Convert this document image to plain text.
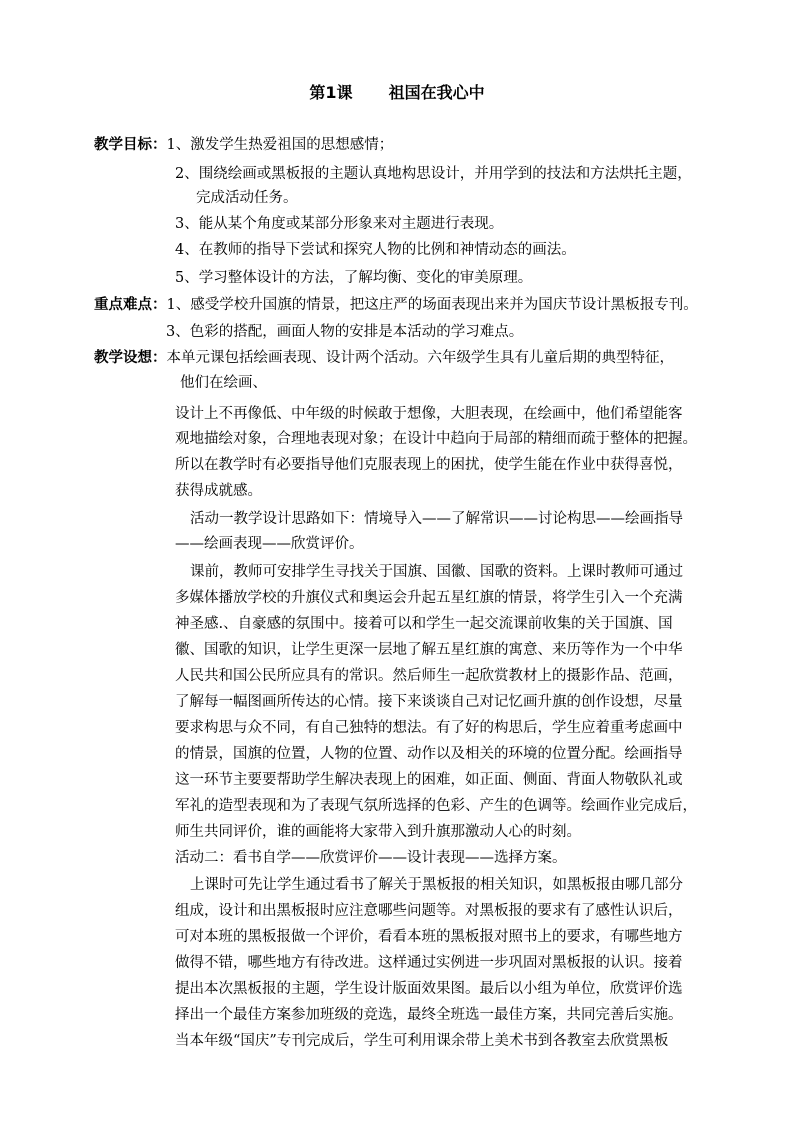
第1课 祖国在我心中
教学目标：1、激发学生热爱祖国的思想感情；
2、围绕绘画或黑板报的主题认真地构思设计，并用学到的技法和方法烘托主题，
完成活动任务。
3、能从某个角度或某部分形象来对主题进行表现。
4、在教师的指导下尝试和探究人物的比例和神情动态的画法。
5、学习整体设计的方法，了解均衡、变化的审美原理。
重点难点：1、感受学校升国旗的情景，把这庄严的场面表现出来并为国庆节设计黑板报专刊。
3、色彩的搭配，画面人物的安排是本活动的学习难点。
教学设想：本单元课包括绘画表现、设计两个活动。六年级学生具有儿童后期的典型特征，
他们在绘画、
设计上不再像低、中年级的时候敢于想像，大胆表现，在绘画中，他们希望能客
观地描绘对象，合理地表现对象；在设计中趋向于局部的精细而疏于整体的把握。
所以在教学时有必要指导他们克服表现上的困扰，使学生能在作业中获得喜悦，
获得成就感。
活动一教学设计思路如下：情境导入——了解常识——讨论构思——绘画指导
——绘画表现——欣赏评价。
课前，教师可安排学生寻找关于国旗、国徽、国歌的资料。上课时教师可通过
多媒体播放学校的升旗仪式和奥运会升起五星红旗的情景，将学生引入一个充满
神圣感.、自豪感的氛围中。接着可以和学生一起交流课前收集的关于国旗、国
徽、国歌的知识，让学生更深一层地了解五星红旗的寓意、来历等作为一个中华
人民共和国公民所应具有的常识。然后师生一起欣赏教材上的摄影作品、范画，
了解每一幅图画所传达的心情。接下来谈谈自己对记忆画升旗的创作设想，尽量
要求构思与众不同，有自己独特的想法。有了好的构思后，学生应着重考虑画中
的情景，国旗的位置，人物的位置、动作以及相关的环境的位置分配。绘画指导
这一环节主要要帮助学生解决表现上的困难，如正面、侧面、背面人物敬队礼或
军礼的造型表现和为了表现气氛所选择的色彩、产生的色调等。绘画作业完成后，
师生共同评价，谁的画能将大家带入到升旗那激动人心的时刻。
活动二：看书自学——欣赏评价——设计表现——选择方案。
上课时可先让学生通过看书了解关于黑板报的相关知识，如黑板报由哪几部分
组成，设计和出黑板报时应注意哪些问题等。对黑板报的要求有了感性认识后，
可对本班的黑板报做一个评价，看看本班的黑板报对照书上的要求，有哪些地方
做得不错，哪些地方有待改进。这样通过实例进一步巩固对黑板报的认识。接着
提出本次黑板报的主题，学生设计版面效果图。最后以小组为单位，欣赏评价选
择出一个最佳方案参加班级的竞选，最终全班选一最佳方案，共同完善后实施。
当本年级“国庆”专刊完成后，学生可利用课余带上美术书到各教室去欣赏黑板
